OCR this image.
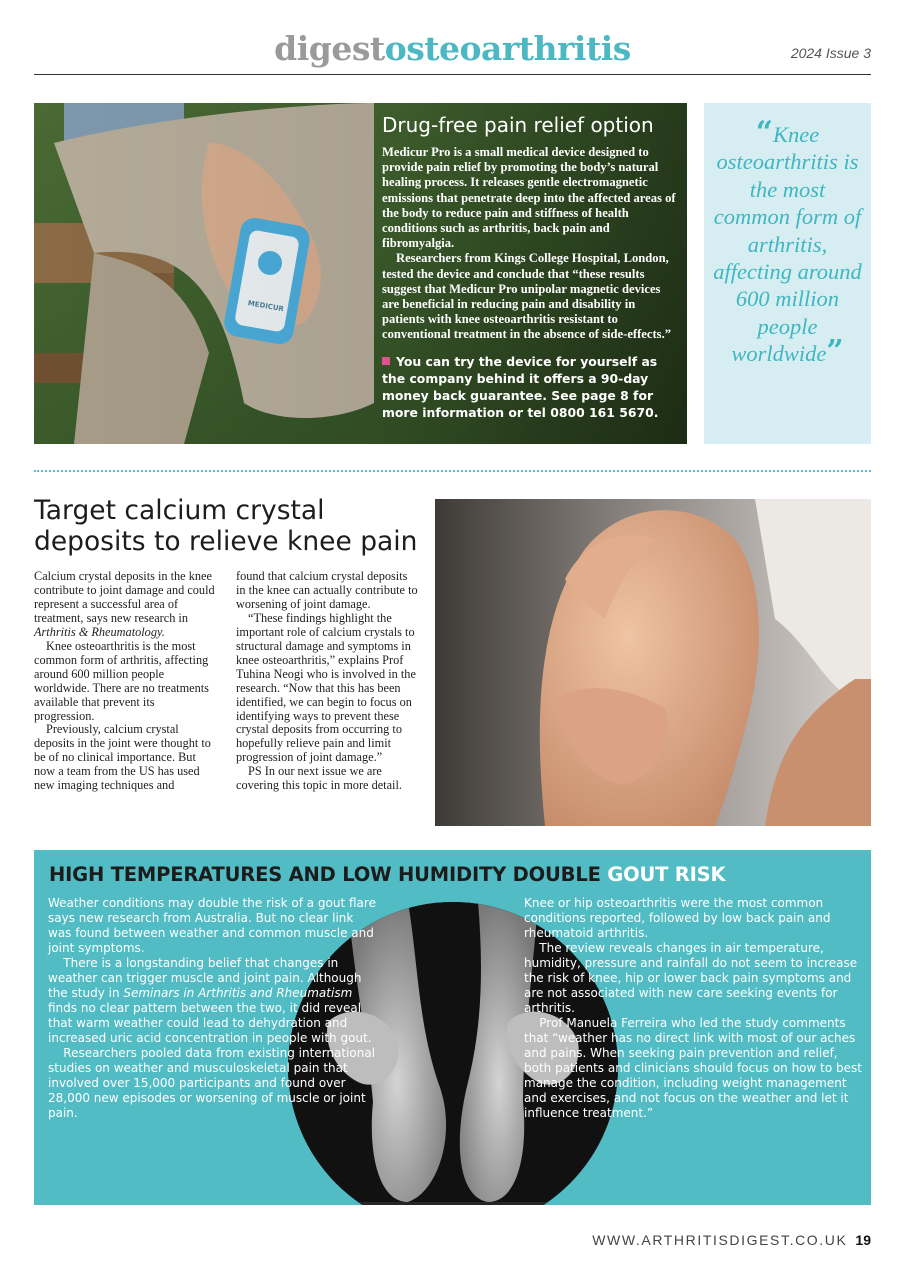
digestosteoarthritis	2024 Issue 3
Drug-free pain relief option

Medicur Pro is a small medical device designed to provide pain relief by promoting the body’s natural healing process. It releases gentle electromagnetic emissions that penetrate deep into the affected areas of the body to reduce pain and stiffness of health conditions such as arthritis, back pain and fibromyalgia.

Researchers from Kings College Hospital, London, tested the device and conclude that “these results suggest that Medicur Pro unipolar magnetic devices are beneficial in reducing pain and disability in patients with knee osteoarthritis resistant to conventional treatment in the absence of side-effects.”

You can try the device for yourself as the company behind it offers a 90-day money back guarantee. See page 8 for more information or tel 0800 161 5670.
“Knee osteoarthritis is the most common form of arthritis, affecting around 600 million people worldwide”
Target calcium crystal deposits to relieve knee pain

Calcium crystal deposits in the knee contribute to joint damage and could represent a successful area of treatment, says new research in Arthritis & Rheumatology.

Knee osteoarthritis is the most common form of arthritis, affecting around 600 million people worldwide. There are no treatments available that prevent its progression.

Previously, calcium crystal deposits in the joint were thought to be of no clinical importance. But now a team from the US has used new imaging techniques and

found that calcium crystal deposits in the knee can actually contribute to worsening of joint damage.

“These findings highlight the important role of calcium crystals to structural damage and symptoms in knee osteoarthritis,” explains Prof Tuhina Neogi who is involved in the research. “Now that this has been identified, we can begin to focus on identifying ways to prevent these crystal deposits from occurring to hopefully relieve pain and limit progression of joint damage.”

PS In our next issue we are covering this topic in more detail.

HIGH TEMPERATURES AND LOW HUMIDITY DOUBLE GOUT RISK

Weather conditions may double the risk of a gout flare says new research from Australia. But no clear link was found between weather and common muscle and joint symptoms.

There is a longstanding belief that changes in weather can trigger muscle and joint pain. Although the study in Seminars in Arthritis and Rheumatism finds no clear pattern between the two, it did reveal that warm weather could lead to dehydration and increased uric acid concentration in people with gout.

Researchers pooled data from existing international studies on weather and musculoskeletal pain that involved over 15,000 participants and found over 28,000 new episodes or worsening of muscle or joint pain.

Knee or hip osteoarthritis were the most common conditions reported, followed by low back pain and rheumatoid arthritis.

The review reveals changes in air temperature, humidity, pressure and rainfall do not seem to increase the risk of knee, hip or lower back pain symptoms and are not associated with new care seeking events for arthritis.

Prof Manuela Ferreira who led the study comments that “weather has no direct link with most of our aches and pains. When seeking pain prevention and relief, both patients and clinicians should focus on how to best manage the condition, including weight management and exercises, and not focus on the weather and let it influence treatment.”

WWW.ARTHRITISDIGEST.CO.UK 19
